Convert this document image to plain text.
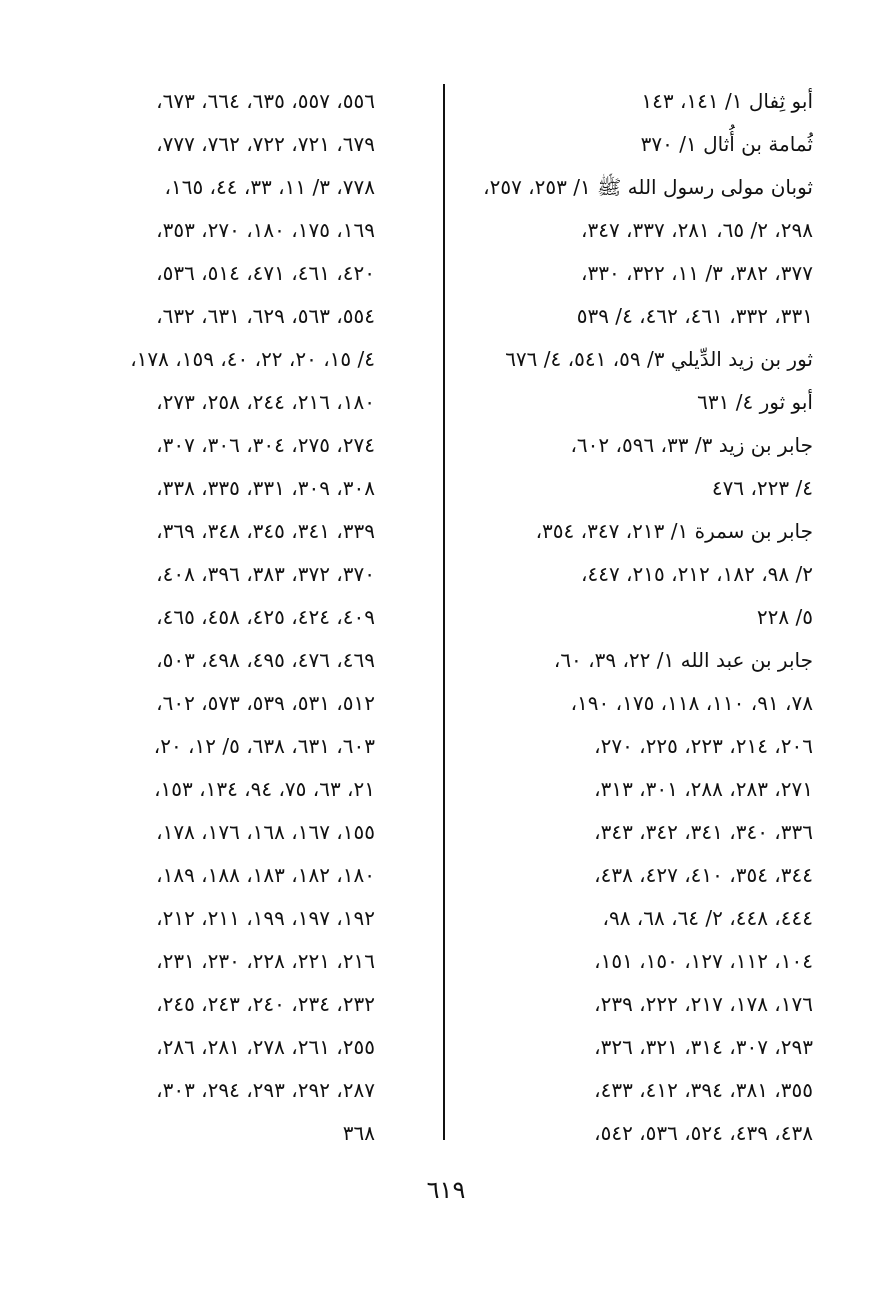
أبو ثِفال ١/ ١٤١، ١٤٣
ثُمامة بن أُثال ١/ ٣٧٠
ثوبان مولى رسول الله ﷺ ١/ ٢٥٣، ٢٥٧،
٢٩٨، ٢/ ٦٥، ٢٨١، ٣٣٧، ٣٤٧،
٣٧٧، ٣٨٢، ٣/ ١١، ٣٢٢، ٣٣٠،
٣٣١، ٣٣٢، ٤٦١، ٤٦٢، ٤/ ٥٣٩
ثور بن زيد الدِّيلي ٣/ ٥٩، ٥٤١، ٤/ ٦٧٦
أبو ثور ٤/ ٦٣١
جابر بن زيد ٣/ ٣٣، ٥٩٦، ٦٠٢،
٤/ ٢٢٣، ٤٧٦
جابر بن سمرة ١/ ٢١٣، ٣٤٧، ٣٥٤،
٢/ ٩٨، ١٨٢، ٢١٢، ٢١٥، ٤٤٧،
٥/ ٢٢٨
جابر بن عبد الله ١/ ٢٢، ٣٩، ٦٠،
٧٨، ٩١، ١١٠، ١١٨، ١٧٥، ١٩٠،
٢٠٦، ٢١٤، ٢٢٣، ٢٢٥، ٢٧٠،
٢٧١، ٢٨٣، ٢٨٨، ٣٠١، ٣١٣،
٣٣٦، ٣٤٠، ٣٤١، ٣٤٢، ٣٤٣،
٣٤٤، ٣٥٤، ٤١٠، ٤٢٧، ٤٣٨،
٤٤٤، ٤٤٨، ٢/ ٦٤، ٦٨، ٩٨،
١٠٤، ١١٢، ١٢٧، ١٥٠، ١٥١،
١٧٦، ١٧٨، ٢١٧، ٢٢٢، ٢٣٩،
٢٩٣، ٣٠٧، ٣١٤، ٣٢١، ٣٢٦،
٣٥٥، ٣٨١، ٣٩٤، ٤١٢، ٤٣٣،
٤٣٨، ٤٣٩، ٥٢٤، ٥٣٦، ٥٤٢،
٥٥٦، ٥٥٧، ٦٣٥، ٦٦٤، ٦٧٣،
٦٧٩، ٧٢١، ٧٢٢، ٧٦٢، ٧٧٧،
٧٧٨، ٣/ ١١، ٣٣، ٤٤، ١٦٥،
١٦٩، ١٧٥، ١٨٠، ٢٧٠، ٣٥٣،
٤٢٠، ٤٦١، ٤٧١، ٥١٤، ٥٣٦،
٥٥٤، ٥٦٣، ٦٢٩، ٦٣١، ٦٣٢،
٤/ ١٥، ٢٠، ٢٢، ٤٠، ١٥٩، ١٧٨،
١٨٠، ٢١٦، ٢٤٤، ٢٥٨، ٢٧٣،
٢٧٤، ٢٧٥، ٣٠٤، ٣٠٦، ٣٠٧،
٣٠٨، ٣٠٩، ٣٣١، ٣٣٥، ٣٣٨،
٣٣٩، ٣٤١، ٣٤٥، ٣٤٨، ٣٦٩،
٣٧٠، ٣٧٢، ٣٨٣، ٣٩٦، ٤٠٨،
٤٠٩، ٤٢٤، ٤٢٥، ٤٥٨، ٤٦٥،
٤٦٩، ٤٧٦، ٤٩٥، ٤٩٨، ٥٠٣،
٥١٢، ٥٣١، ٥٣٩، ٥٧٣، ٦٠٢،
٦٠٣، ٦٣١، ٦٣٨، ٥/ ١٢، ٢٠،
٢١، ٦٣، ٧٥، ٩٤، ١٣٤، ١٥٣،
١٥٥، ١٦٧، ١٦٨، ١٧٦، ١٧٨،
١٨٠، ١٨٢، ١٨٣، ١٨٨، ١٨٩،
١٩٢، ١٩٧، ١٩٩، ٢١١، ٢١٢،
٢١٦، ٢٢١، ٢٢٨، ٢٣٠، ٢٣١،
٢٣٢، ٢٣٤، ٢٤٠، ٢٤٣، ٢٤٥،
٢٥٥، ٢٦١، ٢٧٨، ٢٨١، ٢٨٦،
٢٨٧، ٢٩٢، ٢٩٣، ٢٩٤، ٣٠٣،
٣٦٨
٦١٩
